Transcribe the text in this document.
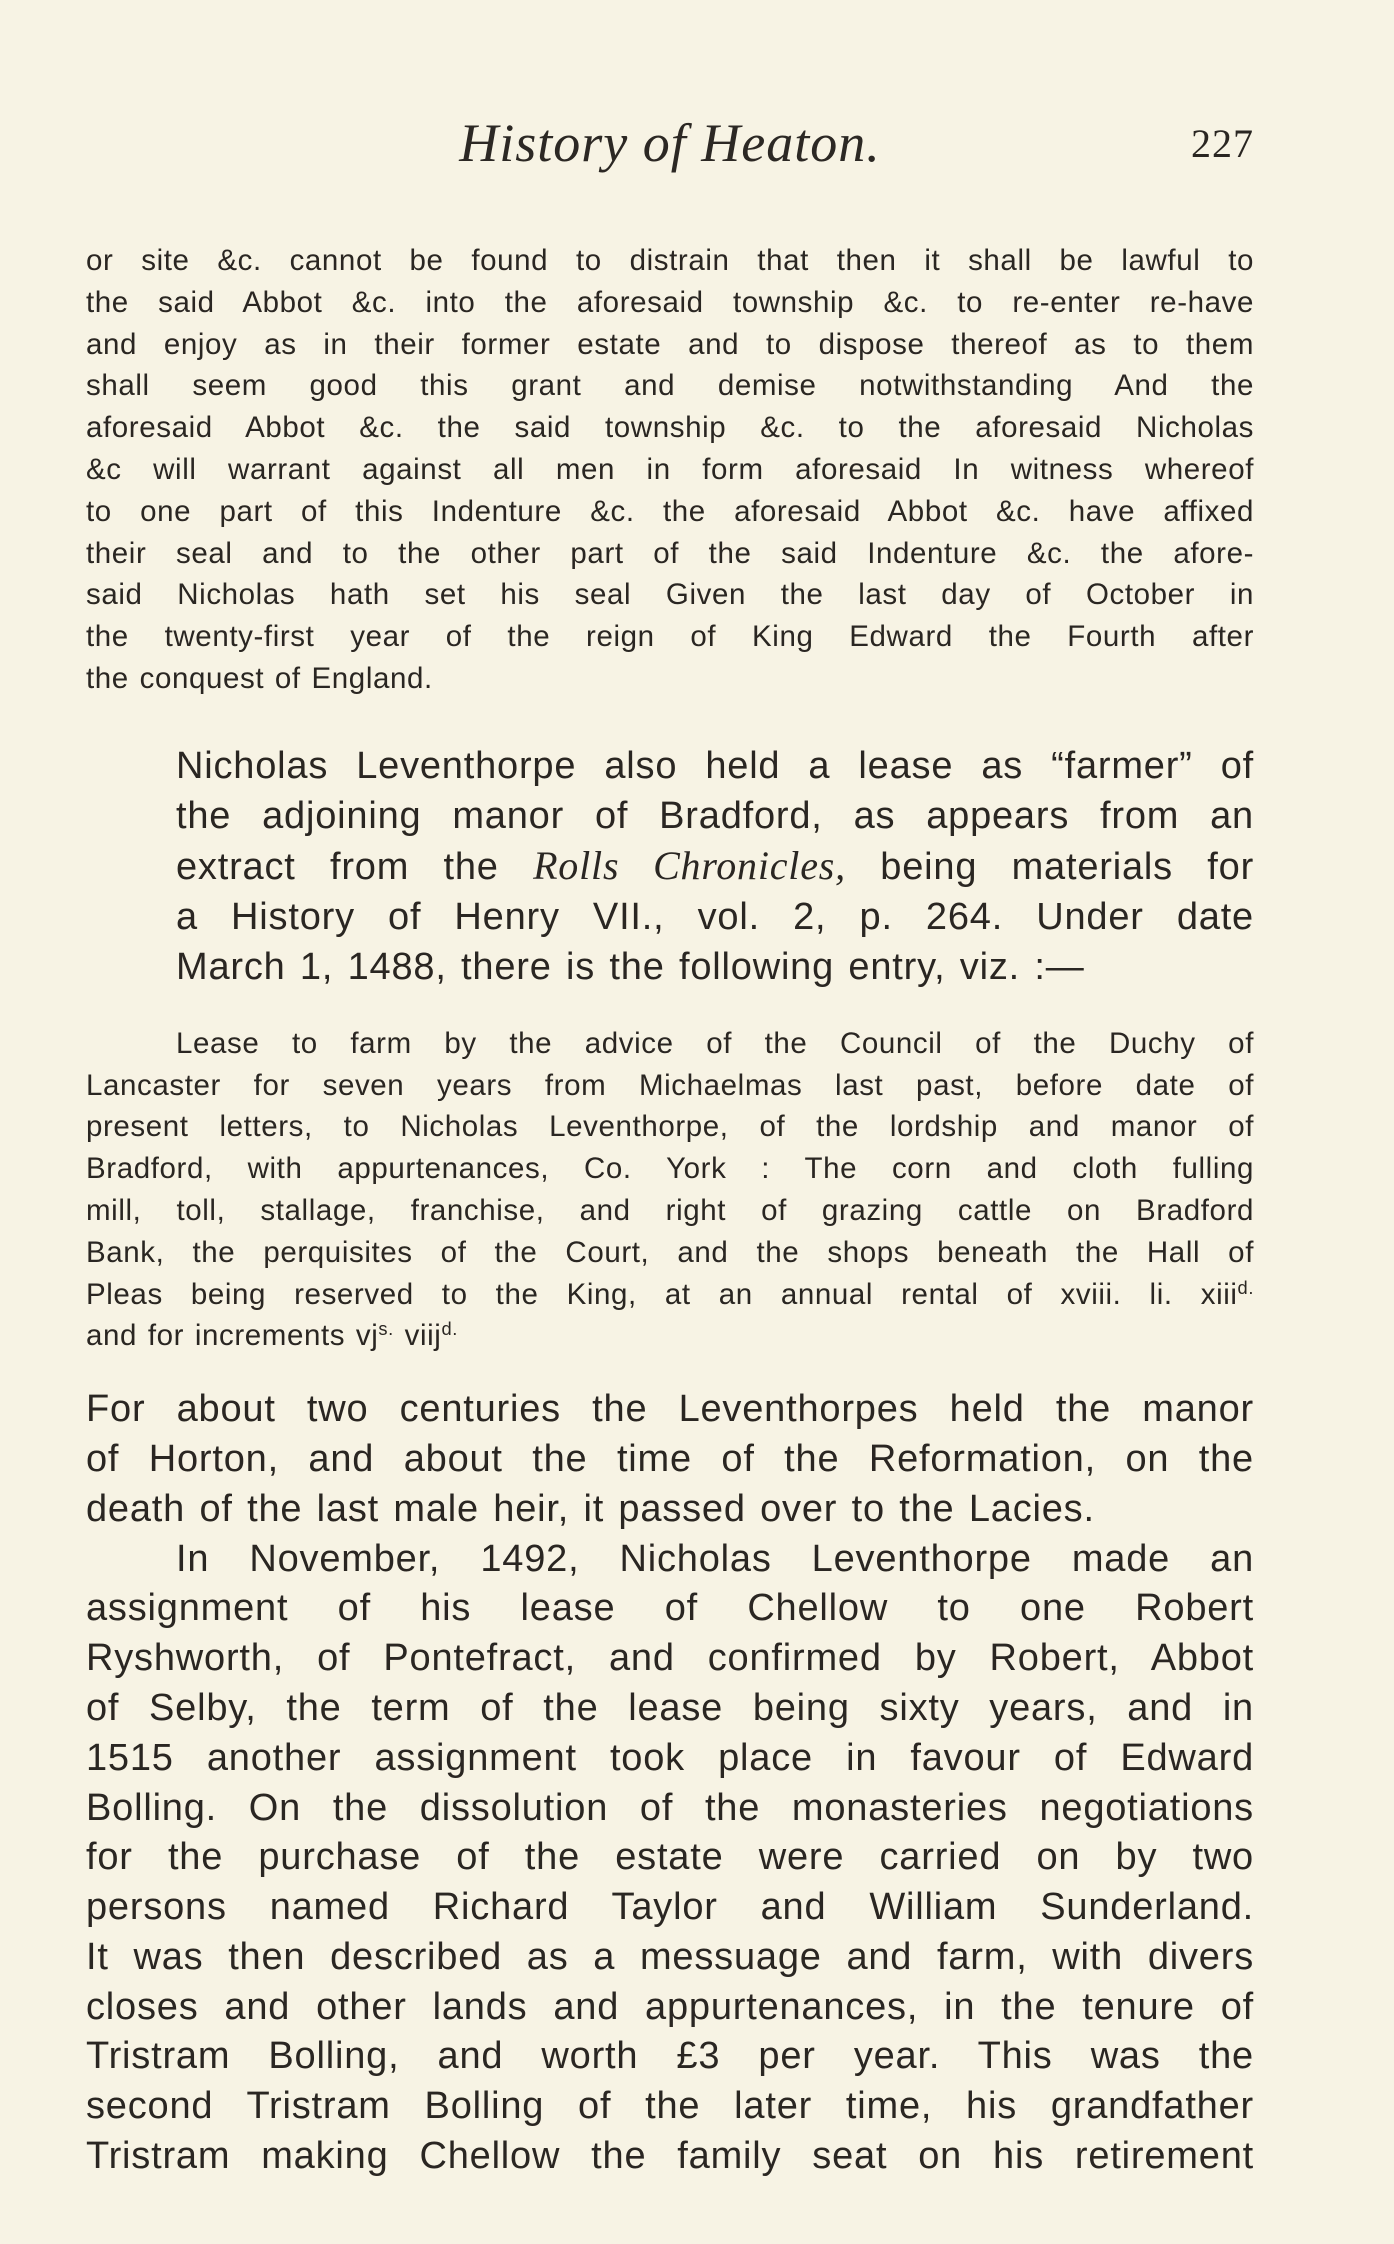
History of Heaton.	227

or site &c. cannot be found to distrain that then it shall be lawful to
the said Abbot &c. into the aforesaid township &c. to re-enter re-have
and enjoy as in their former estate and to dispose thereof as to them
shall seem good this grant and demise notwithstanding And the
aforesaid Abbot &c. the said township &c. to the aforesaid Nicholas
&c will warrant against all men in form aforesaid In witness whereof
to one part of this Indenture &c. the aforesaid Abbot &c. have affixed
their seal and to the other part of the said Indenture &c. the afore-
said Nicholas hath set his seal Given the last day of October in
the twenty-first year of the reign of King Edward the Fourth after
the conquest of England.

Nicholas Leventhorpe also held a lease as “farmer” of
the adjoining manor of Bradford, as appears from an
extract from the Rolls Chronicles, being materials for
a History of Henry VII., vol. 2, p. 264. Under date
March 1, 1488, there is the following entry, viz. :—

Lease to farm by the advice of the Council of the Duchy of
Lancaster for seven years from Michaelmas last past, before date of
present letters, to Nicholas Leventhorpe, of the lordship and manor of
Bradford, with appurtenances, Co. York : The corn and cloth fulling
mill, toll, stallage, franchise, and right of grazing cattle on Bradford
Bank, the perquisites of the Court, and the shops beneath the Hall of
Pleas being reserved to the King, at an annual rental of xviii. li. xiii$^{d.}$
and for increments $vj^{s.}$ viij$^{d.}$

For about two centuries the Leventhorpes held the manor
of Horton, and about the time of the Reformation, on the
death of the last male heir, it passed over to the Lacies.

In November, 1492, Nicholas Leventhorpe made an
assignment of his lease of Chellow to one Robert
Ryshworth, of Pontefract, and confirmed by Robert, Abbot
of Selby, the term of the lease being sixty years, and in
1515 another assignment took place in favour of Edward
Bolling. On the dissolution of the monasteries negotiations
for the purchase of the estate were carried on by two
persons named Richard Taylor and William Sunderland.
It was then described as a messuage and farm, with divers
closes and other lands and appurtenances, in the tenure of
Tristram Bolling, and worth £3 per year. This was the
second Tristram Bolling of the later time, his grandfather
Tristram making Chellow the family seat on his retirement
